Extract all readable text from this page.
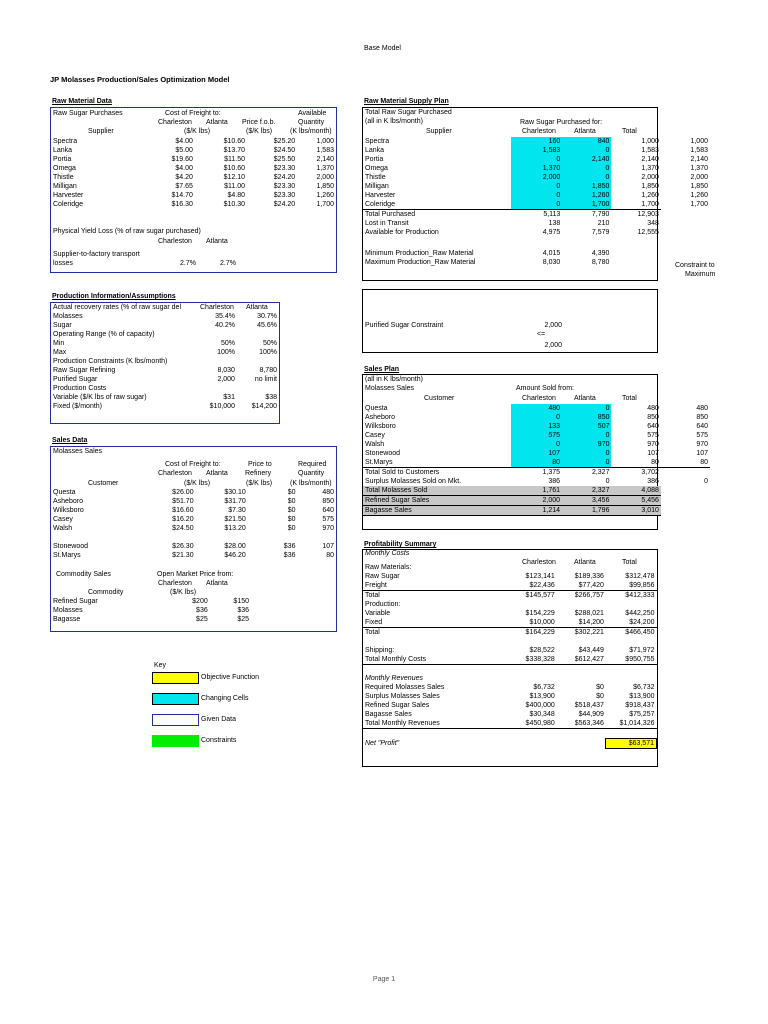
Base Model
JP Molasses Production/Sales Optimization Model
Raw Material Data
Raw Sugar Purchases	Cost of Freight to:	Available
Charleston Atlanta Price f.o.b.	Quantity
Supplier	($/K lbs)	($/K lbs)	(K lbs/month)
Spectra	$4.00	$10.60	$25.20	1,000
Lanka	$5.00	$13.70	$24.50	1,583
Portia	$19.60	$11.50	$25.50	2,140
Omega	$4.00	$10.60	$23.30	1,370
Thistle	$4.20	$12.10	$24.20	2,000
Milligan	$7.65	$11.00	$23.30	1,850
Harvester	$14.70	$4.80	$23.30	1,260
Coleridge	$16.30	$10.30	$24.20	1,700
Physical Yield Loss (% of raw sugar purchased)
Charleston Atlanta
Supplier-to-factory transport
losses	2.7%	2.7%
Production Information/Assumptions
Actual recovery rates (% of raw sugar del	Charleston Atlanta
Molasses	35.4%	30.7%
Sugar	40.2%	45.6%
Operating Range (% of capacity)		
Min	50%	50%
Max	100%	100%
Production Constraints (K lbs/month)		
Raw Sugar Refining	8,030	8,780
Purified Sugar	2,000	no limit
Production Costs		
Variable ($/K lbs of raw sugar)	$31	$38
Fixed ($/month)	$10,000	$14,200
Sales Data
Molasses Sales
Cost of Freight to:	Price to	Required
Charleston Atlanta Refinery	Quantity
Customer	($/K lbs)	($/K lbs)	(K lbs/month)
Questa	$26.00	$30.10	$0	480
Asheboro	$51.70	$31.70	$0	850
Wilksboro	$16.60	$7.30	$0	640
Casey	$16.20	$21.50	$0	575
Walsh	$24.50	$13.20	$0	970

Stonewood	$26.30	$28.00	$36	107
St.Marys	$21.30	$46.20	$36	80
Commodity Sales	Open Market Price from:
Charleston Atlanta
Commodity	($/K lbs)
Refined Sugar	$200	$150
Molasses	$36	$36
Bagasse	$25	$25
Key
Objective Function
Changing Cells
Given Data
Constraints
Raw Material Supply Plan
Total Raw Sugar Purchased
(all in K lbs/month)	Raw Sugar Purchased for:
Supplier	Charleston	Atlanta	Total
Spectra	160	840	1,000	1,000
Lanka	1,583	0	1,583	1,583
Portia	0	2,140	2,140	2,140
Omega	1,370	0	1,370	1,370
Thistle	2,000	0	2,000	2,000
Milligan	0	1,850	1,850	1,850
Harvester	0	1,260	1,260	1,260
Coleridge	0	1,700	1,700	1,700
Total Purchased	5,113	7,790	12,903	
Lost in Transit	138	210	348	
Available for Production	4,975	7,579	12,555	

Minimum Production_Raw Material	4,015	4,390		
Maximum Production_Raw Material	8,030	8,780			Constraint to
Maximum
Purified Sugar Constraint	2,000
<=
2,000
Sales Plan
(all in K lbs/month)
Molasses Sales	Amount Sold from:
Customer	Charleston	Atlanta	Total
Questa	480	0	480	480
Asheboro	0	850	850	850
Wilksboro	133	507	640	640
Casey	575	0	575	575
Walsh	0	970	970	970
Stonewood	107	0	107	107
St.Marys	80	0	80	80
Total Sold to Customers	1,375	2,327	3,702	
Surplus Molasses Sold on Mkt.	386	0	386	0
Total Molasses Sold	1,761	2,327	4,088	
Refined Sugar Sales	2,000	3,456	5,456	
Bagasse Sales	1,214	1,796	3,010	
Profitability Summary
Monthly Costs
Charleston	Atlanta	Total
Raw Materials:			
Raw Sugar	$123,141	$189,336	$312,478
Freight	$22,436	$77,420	$99,856
Total	$145,577	$266,757	$412,333
Production:			
Variable	$154,229	$288,021	$442,250
Fixed	$10,000	$14,200	$24,200
Total	$164,229	$302,221	$466,450

Shipping:	$28,522	$43,449	$71,972
Total Monthly Costs	$338,328	$612,427	$950,755

Monthly Revenues			
Required Molasses Sales	$6,732	$0	$6,732
Surplus Molasses Sales	$13,900	$0	$13,900
Refined Sugar Sales	$400,000	$518,437	$918,437
Bagasse Sales	$30,348	$44,909	$75,257
Total Monthly Revenues	$450,980	$563,346	$1,014,326

Net "Profit"			$63,571
Page 1
